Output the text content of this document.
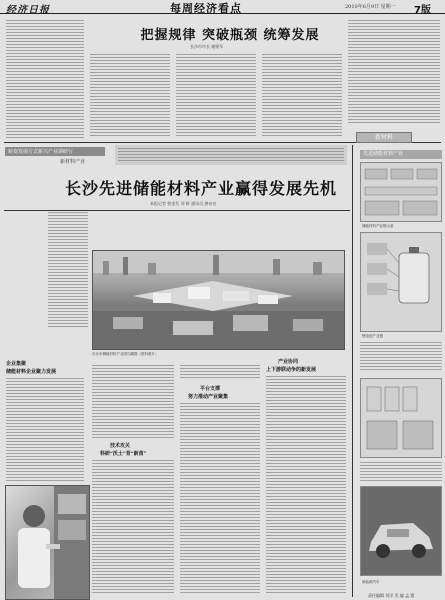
经济日报	每周经济看点	2010年6月9日 星期一 7版
把握规律 突破瓶颈 统筹发展
长沙市市长 谢建军
转变发展方式新兴产业调研行
新材料产业
长沙先进储能材料产业赢得发展先机
本报记者 曾金发 刘 畔 通讯员 唐亮亮
长沙市储能材料产业园鸟瞰图（资料照片）
企业集聚
储能材料企业聚力发展
技术攻关
科研“沃土”育“新苗”
平台支撑
努力推动产业聚集
产业协同
上下游联动争的新发展
新材料
先进储能材料产业
储能材料产业链示意
锂电池产业链
新能源汽车
责任编辑 刘洋 美 编 孟 霞
